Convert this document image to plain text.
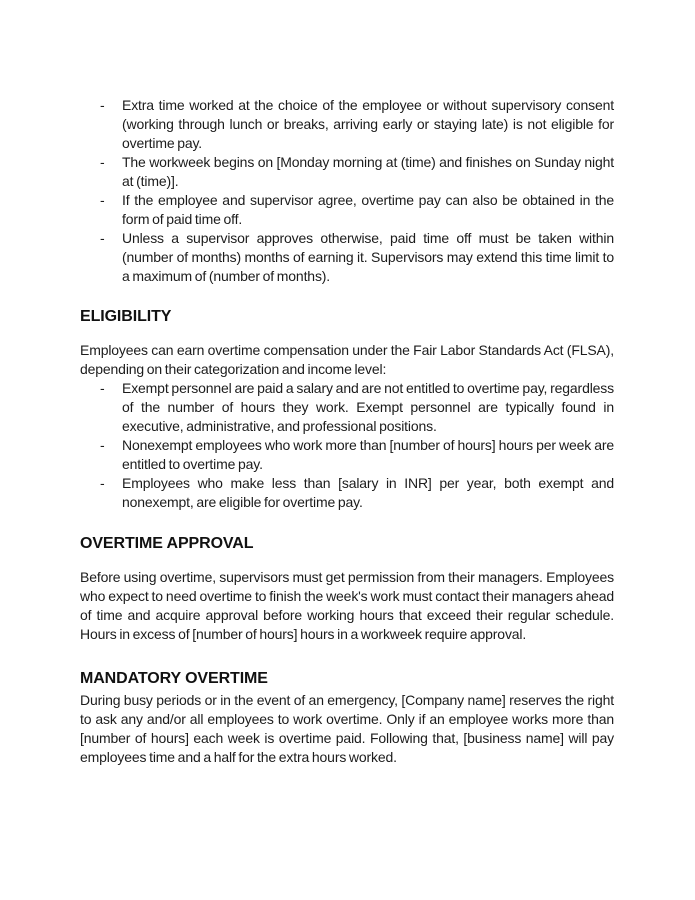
-	Extra time worked at the choice of the employee or without supervisory consent (working through lunch or breaks, arriving early or staying late) is not eligible for overtime pay.
-	The workweek begins on [Monday morning at (time) and finishes on Sunday night at (time)].
-	If the employee and supervisor agree, overtime pay can also be obtained in the form of paid time off.
-	Unless a supervisor approves otherwise, paid time off must be taken within (number of months) months of earning it. Supervisors may extend this time limit to a maximum of (number of months).
ELIGIBILITY

Employees can earn overtime compensation under the Fair Labor Standards Act (FLSA), depending on their categorization and income level:

-	Exempt personnel are paid a salary and are not entitled to overtime pay, regardless of the number of hours they work. Exempt personnel are typically found in executive, administrative, and professional positions.
-	Nonexempt employees who work more than [number of hours] hours per week are entitled to overtime pay.
-	Employees who make less than [salary in INR] per year, both exempt and nonexempt, are eligible for overtime pay.
OVERTIME APPROVAL

Before using overtime, supervisors must get permission from their managers. Employees who expect to need overtime to finish the week's work must contact their managers ahead of time and acquire approval before working hours that exceed their regular schedule. Hours in excess of [number of hours] hours in a workweek require approval.

MANDATORY OVERTIME

During busy periods or in the event of an emergency, [Company name] reserves the right to ask any and/or all employees to work overtime. Only if an employee works more than [number of hours] each week is overtime paid. Following that, [business name] will pay employees time and a half for the extra hours worked.
